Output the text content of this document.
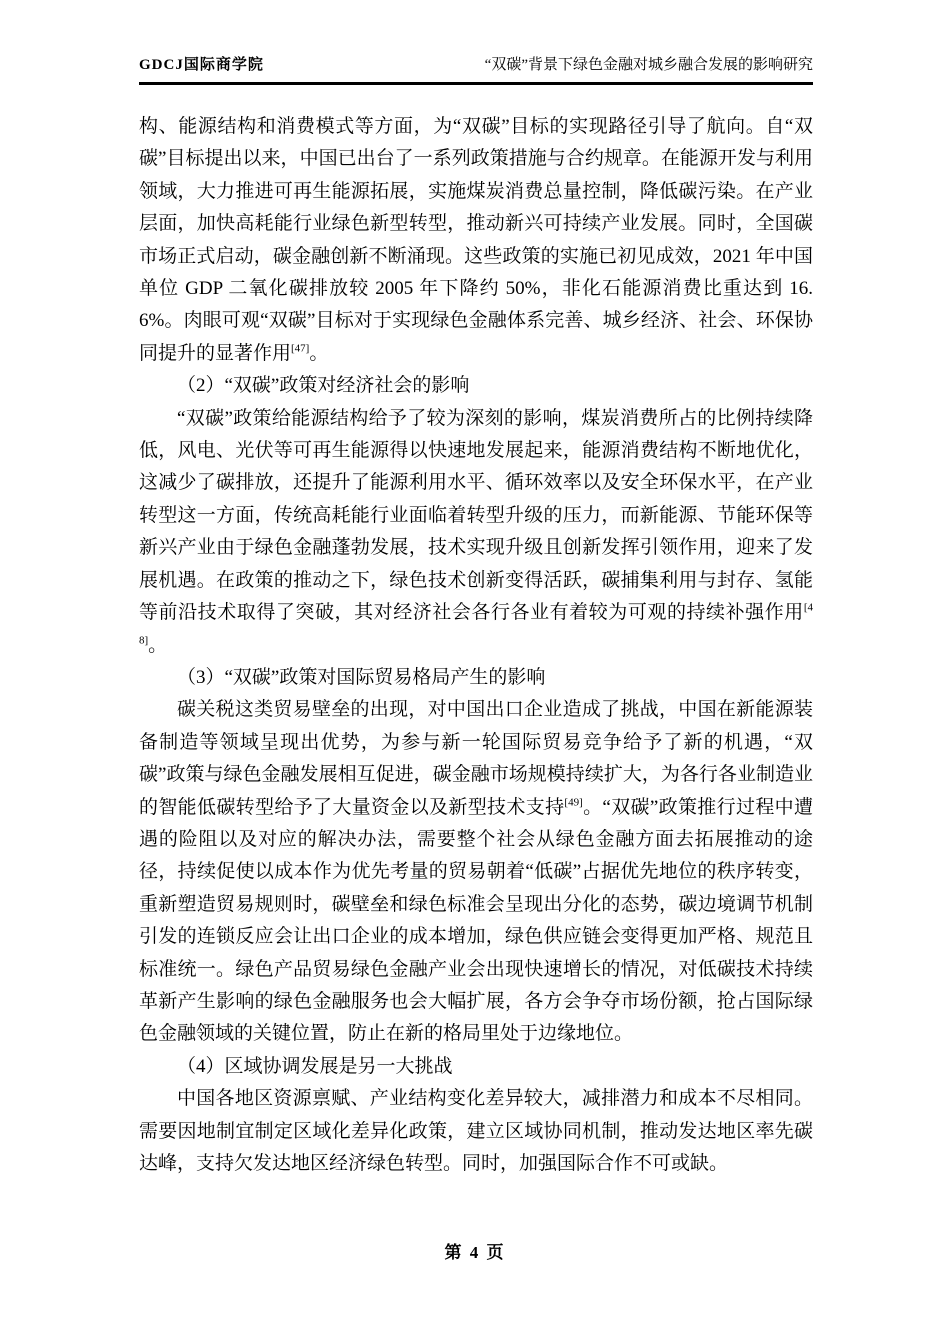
GDCJ国际商学院	“双碳”背景下绿色金融对城乡融合发展的影响研究

构、能源结构和消费模式等方面，为“双碳”目标的实现路径引导了航向。自“双碳”目标提出以来，中国已出台了一系列政策措施与合约规章。在能源开发与利用领域，大力推进可再生能源拓展，实施煤炭消费总量控制，降低碳污染。在产业层面，加快高耗能行业绿色新型转型，推动新兴可持续产业发展。同时，全国碳市场正式启动，碳金融创新不断涌现。这些政策的实施已初见成效，2021 年中国单位 GDP 二氧化碳排放较 2005 年下降约 50%，非化石能源消费比重达到 16.6%。肉眼可观“双碳”目标对于实现绿色金融体系完善、城乡经济、社会、环保协同提升的显著作用[47]。

（2）“双碳”政策对经济社会的影响

“双碳”政策给能源结构给予了较为深刻的影响，煤炭消费所占的比例持续降低，风电、光伏等可再生能源得以快速地发展起来，能源消费结构不断地优化，这减少了碳排放，还提升了能源利用水平、循环效率以及安全环保水平，在产业转型这一方面，传统高耗能行业面临着转型升级的压力，而新能源、节能环保等新兴产业由于绿色金融蓬勃发展，技术实现升级且创新发挥引领作用，迎来了发展机遇。在政策的推动之下，绿色技术创新变得活跃，碳捕集利用与封存、氢能等前沿技术取得了突破，其对经济社会各行各业有着较为可观的持续补强作用[48]。

（3）“双碳”政策对国际贸易格局产生的影响

碳关税这类贸易壁垒的出现，对中国出口企业造成了挑战，中国在新能源装备制造等领域呈现出优势，为参与新一轮国际贸易竞争给予了新的机遇，“双碳”政策与绿色金融发展相互促进，碳金融市场规模持续扩大，为各行各业制造业的智能低碳转型给予了大量资金以及新型技术支持[49]。“双碳”政策推行过程中遭遇的险阻以及对应的解决办法，需要整个社会从绿色金融方面去拓展推动的途径，持续促使以成本作为优先考量的贸易朝着“低碳”占据优先地位的秩序转变，重新塑造贸易规则时，碳壁垒和绿色标准会呈现出分化的态势，碳边境调节机制引发的连锁反应会让出口企业的成本增加，绿色供应链会变得更加严格、规范且标准统一。绿色产品贸易绿色金融产业会出现快速增长的情况，对低碳技术持续革新产生影响的绿色金融服务也会大幅扩展，各方会争夺市场份额，抢占国际绿色金融领域的关键位置，防止在新的格局里处于边缘地位。

（4）区域协调发展是另一大挑战

中国各地区资源禀赋、产业结构变化差异较大，减排潜力和成本不尽相同。需要因地制宜制定区域化差异化政策，建立区域协同机制，推动发达地区率先碳达峰，支持欠发达地区经济绿色转型。同时，加强国际合作不可或缺。

第 4 页
